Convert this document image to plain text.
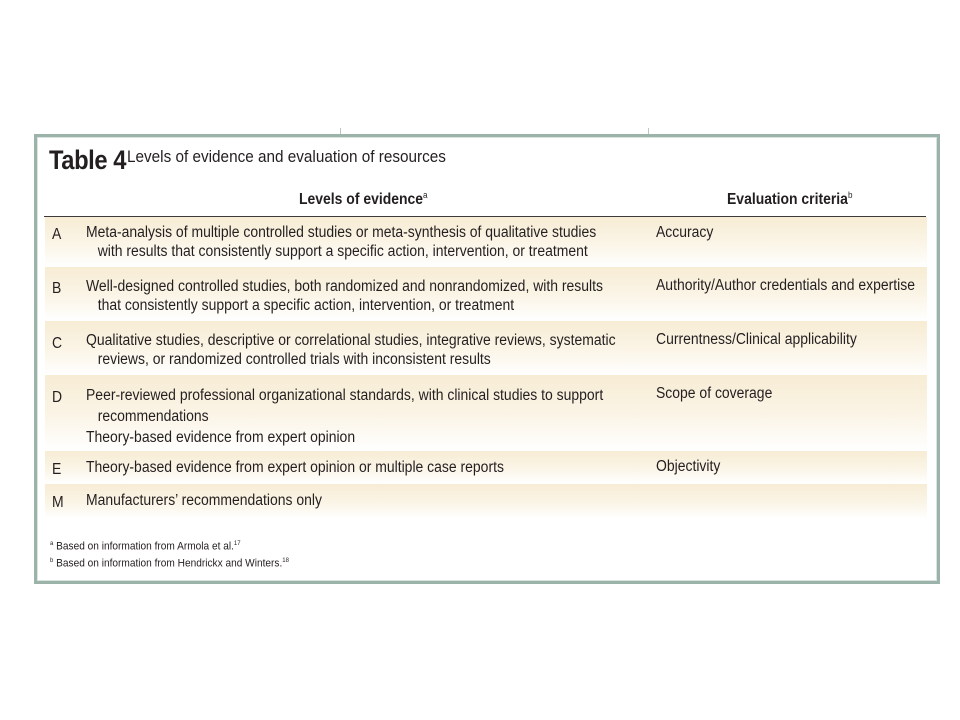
Table 4 Levels of evidence and evaluation of resources
Levels of evidence$^a$	Evaluation criteria$^b$
A Meta-analysis of multiple controlled studies or meta-synthesis of qualitative studies
with results that consistently support a specific action, intervention, or treatment
Accuracy
B Well-designed controlled studies, both randomized and nonrandomized, with results
that consistently support a specific action, intervention, or treatment
Authority/Author credentials and expertise
C Qualitative studies, descriptive or correlational studies, integrative reviews, systematic
reviews, or randomized controlled trials with inconsistent results
Currentness/Clinical applicability
D Peer-reviewed professional organizational standards, with clinical studies to support
recommendations
Theory-based evidence from expert opinion
Scope of coverage
E Theory-based evidence from expert opinion or multiple case reports	Objectivity
M Manufacturers’ recommendations only
$^a$ Based on information from Armola et al.$^{17}$
$^b$ Based on information from Hendrickx and Winters.$^{18}$
